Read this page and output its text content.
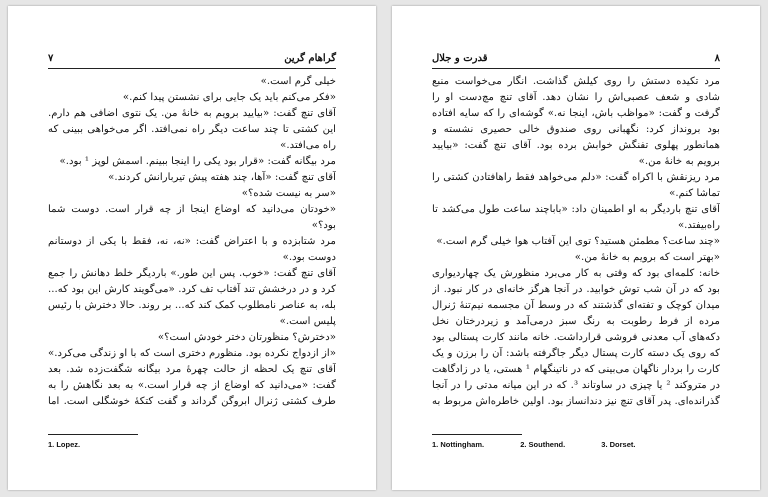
۷	گراهام گرین

خیلی گرم است.»

«فکر می‌کنم باید یک جایی برای نشستن پیدا کنم.»

آقای تنچ گفت: «بیایید برویم به خانهٔ من. یک نتوی اضافی هم دارم. این کشتی تا چند ساعت دیگر راه نمی‌افتد. اگر می‌خواهی ببینی که راه می‌افتد.»

مرد بیگانه گفت: «قرار بود یکی را اینجا ببینم. اسمش لوپز ¹ بود.»

آقای تنچ گفت: «آها، چند هفته پیش تیربارانش کردند.»

«سر به نیست شده؟»

«خودتان می‌دانید که اوضاع اینجا از چه قرار است. دوست شما بود؟»

مرد شتابزده و با اعتراض گفت: «نه، نه، فقط با یکی از دوستانم دوست بود.»

آقای تنچ گفت: «خوب. پس این طور.» باردیگر خلط دهانش را جمع کرد و در درخشش تند آفتاب تف کرد. «می‌گویند کارش این بود که... بله، به عناصر نامطلوب کمک کند که... بر روند. حالا دخترش با رئیس پلیس است.»

«دخترش؟ منظورتان دختر خودش است؟»

«از ازدواج نکرده بود. منظورم دختری است که با او زندگی می‌کرد.» آقای تنچ یک لحظه از حالت چهرهٔ مرد بیگانه شگفت‌زده شد. بعد گفت: «می‌دانید که اوضاع از چه قرار است.» به بعد نگاهش را به طرف کشتی ژنرال ابروگن گرداند و گفت کتکهٔ خوشگلی است. اما

1. Lopez.
قدرت و جلال	۸

مرد تکیده دستش را روی کیلش گذاشت. انگار می‌خواست منبع شادی و شعف عصبی‌اش را نشان دهد. آقای تنچ مچ‌دست او را گرفت و گفت: «مواظب باش، اینجا نه.» گوشه‌ای را که سایه افتاده بود برونداز کرد: نگهبانی روی صندوق خالی حصیری نشسته و همانطور پهلوی تفنگش خوابش برده بود. آقای تنچ گفت: «بیایید برویم به خانهٔ من.»

مرد ریزنقش با اکراه گفت: «دلم می‌خواهد فقط راهافتادن کشتی را تماشا کنم.»

آقای تنچ باردیگر به او اطمینان داد: «بابا‌چند ساعت طول می‌کشد تا راه‌بیفتد.»

«چند ساعت؟ مطمئن هستید؟ توی این آفتاب هوا خیلی گرم است.»

«بهتر است که برویم به خانهٔ من.»

خانه: کلمه‌ای بود که وقتی به کار می‌برد منظورش یک چهاردیواری بود که در آن شب توش خوابید. در آنجا هرگز خانه‌ای در کار نبود. از میدان کوچک و تفته‌ای گذشتند که در وسط آن مجسمه نیم‌تنهٔ ژنرال مرده از فرط رطوبت به رنگ سبز درمی‌آمد و زیردرختان نخل دکه‌های آب معدنی فروشی قرارداشت. خانه مانند کارت پستالی بود که روی یک دسته کارت پستال دیگر جاگرفته باشد: آن را برزن و یک کارت را بردار ناگهان می‌بینی که در ناتینگهام ¹ هستی، یا در زادگاهت در متروکند ² یا چیزی در ساوتاند ³. که در این میانه مدتی را در آنجا گذرانده‌ای. پدر آقای تنچ نیز دندانساز بود. اولین خاطره‌اش مربوط به

1. Nottingham.	2. Southend.	3. Dorset.
